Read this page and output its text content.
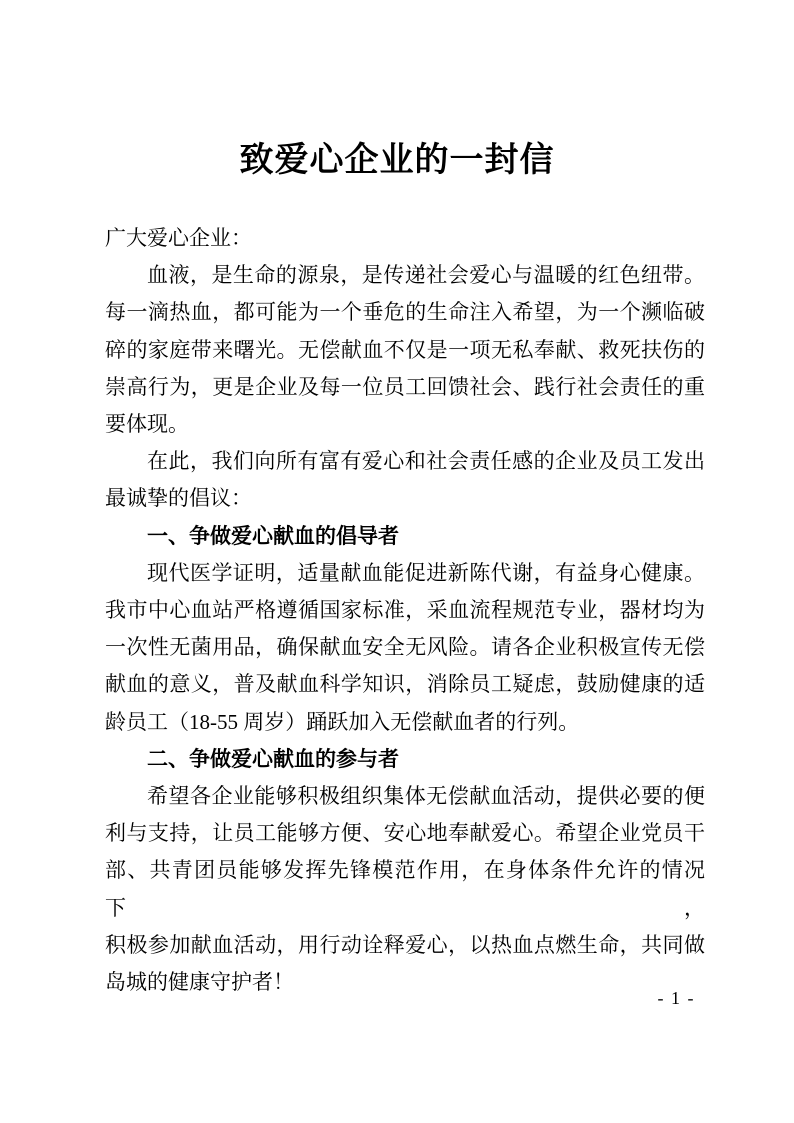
致爱心企业的一封信
广大爱心企业：
血液，是生命的源泉，是传递社会爱心与温暖的红色纽带。
每一滴热血，都可能为一个垂危的生命注入希望，为一个濒临破
碎的家庭带来曙光。无偿献血不仅是一项无私奉献、救死扶伤的
崇高行为，更是企业及每一位员工回馈社会、践行社会责任的重
要体现。
在此，我们向所有富有爱心和社会责任感的企业及员工发出
最诚挚的倡议：
一、争做爱心献血的倡导者
现代医学证明，适量献血能促进新陈代谢，有益身心健康。
我市中心血站严格遵循国家标准，采血流程规范专业，器材均为
一次性无菌用品，确保献血安全无风险。请各企业积极宣传无偿
献血的意义，普及献血科学知识，消除员工疑虑，鼓励健康的适
龄员工（18-55 周岁）踊跃加入无偿献血者的行列。
二、争做爱心献血的参与者
希望各企业能够积极组织集体无偿献血活动，提供必要的便
利与支持，让员工能够方便、安心地奉献爱心。希望企业党员干
部、共青团员能够发挥先锋模范作用，在身体条件允许的情况下，
积极参加献血活动，用行动诠释爱心，以热血点燃生命，共同做
岛城的健康守护者！
- 1 -
